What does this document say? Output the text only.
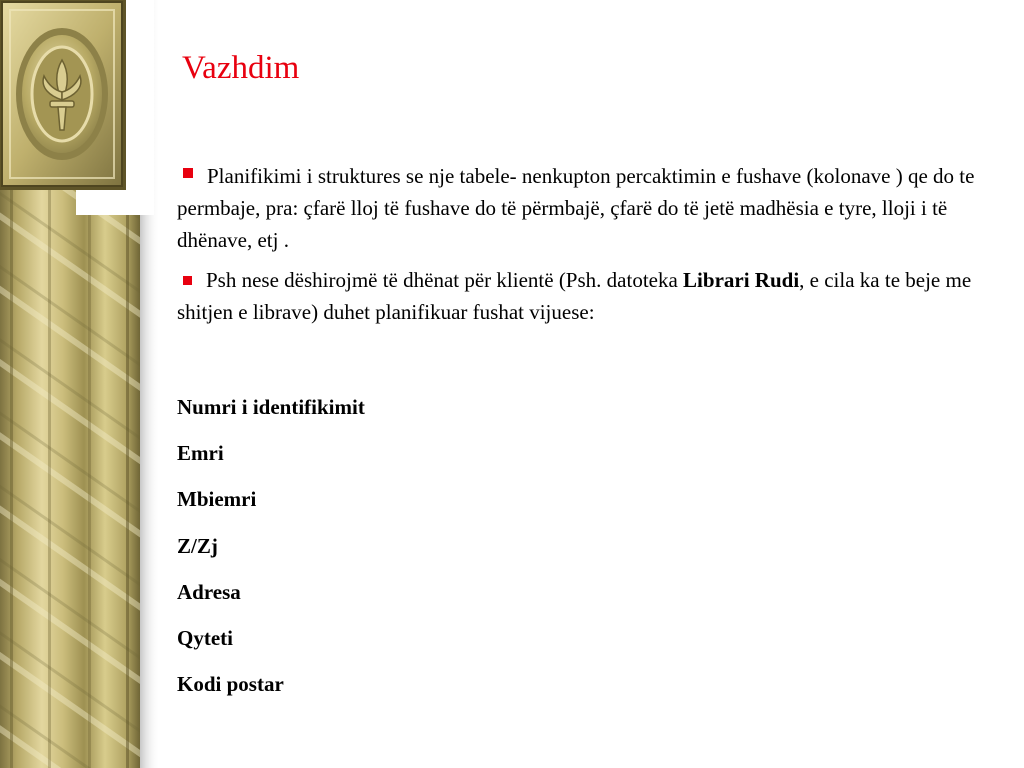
Vazhdim
Planifikimi i struktures se nje tabele- nenkupton percaktimin e fushave (kolonave ) qe do te permbaje, pra: çfarë lloj të fushave do të përmbajë, çfarë do të jetë madhësia e tyre, lloji i të dhënave, etj .
Psh nese dëshirojmë të dhënat për klientë (Psh. datoteka Librari Rudi, e cila ka te beje me shitjen e librave) duhet planifikuar fushat vijuese:
Numri i identifikimit
Emri
Mbiemri
Z/Zj
Adresa
Qyteti
Kodi postar
